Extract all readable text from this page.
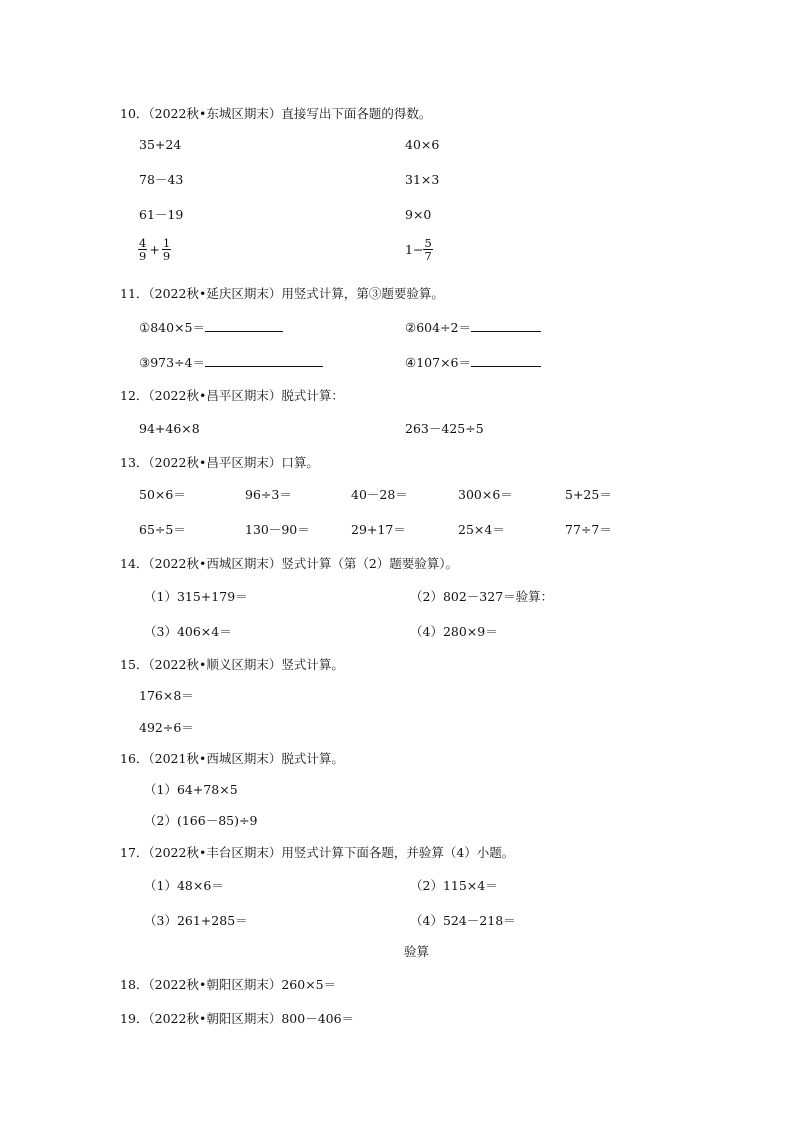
10．（2022秋•东城区期末）直接写出下面各题的得数。
35+24	40×6
78－43	31×3
61－19	9×0
$\frac{4}{9} + \frac{1}{9}$	$1- \frac{5}{7}$
11．（2022秋•延庆区期末）用竖式计算，第③题要验算。
①840×5＝	②604÷2＝
③973÷4＝	④107×6＝
12．（2022秋•昌平区期末）脱式计算：
94+46×8	263－425÷5
13．（2022秋•昌平区期末）口算。
50×6＝	96÷3＝	40－28＝	300×6＝	5+25＝
65÷5＝	130－90＝	29+17＝	25×4＝	77÷7＝
14．（2022秋•西城区期末）竖式计算（第（2）题要验算）。
（1）315+179＝	（2）802－327＝验算：
（3）406×4＝	（4）280×9＝
15．（2022秋•顺义区期末）竖式计算。
176×8＝
492÷6＝
16．（2021秋•西城区期末）脱式计算。
（1）64+78×5
（2）(166－85)÷9
17．（2022秋•丰台区期末）用竖式计算下面各题，并验算（4）小题。
（1）48×6＝	（2）115×4＝
（3）261+285＝	（4）524－218＝
验算
18．（2022秋•朝阳区期末）260×5＝
19．（2022秋•朝阳区期末）800－406＝
